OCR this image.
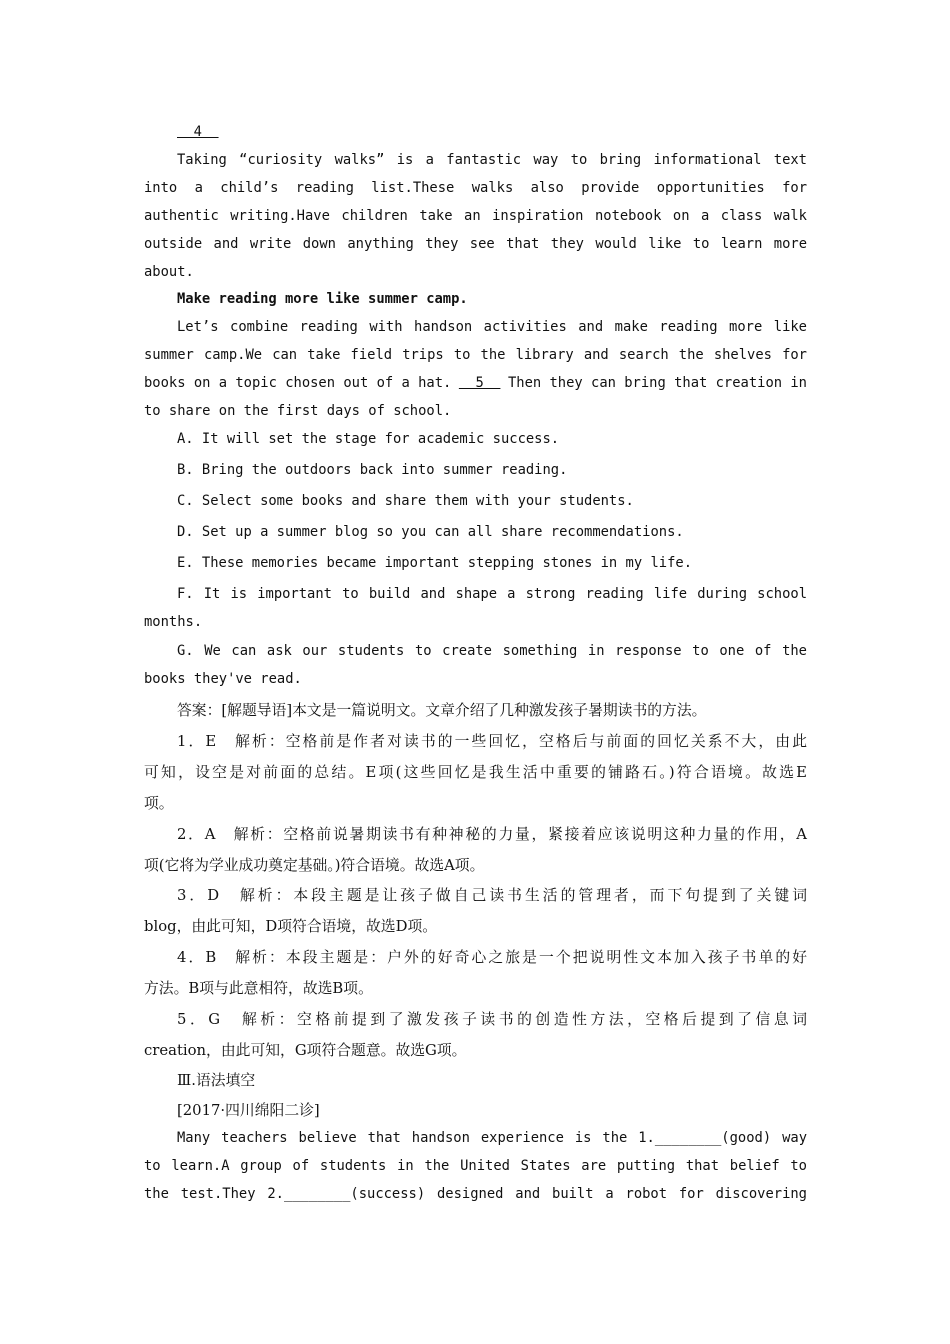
4
Taking “curiosity walks” is a fantastic way to bring informational text
into a child’s reading list.These walks also provide opportunities for
authentic writing.Have children take an inspiration notebook on a class walk
outside and write down anything they see that they would like to learn more
about.
Make reading more like summer camp.
Let’s combine reading with handson activities and make reading more like
summer camp.We can take field trips to the library and search the shelves for
books on a topic chosen out of a hat. 5 Then they can bring that creation in
to share on the first days of school.
A. It will set the stage for academic success.
B. Bring the outdoors back into summer reading.
C. Select some books and share them with your students.
D. Set up a summer blog so you can all share recommendations.
E. These memories became important stepping stones in my life.
F. It is important to build and shape a strong reading life during school
months.
G. We can ask our students to create something in response to one of the
books they've read.
答案：[解题导语]本文是一篇说明文。文章介绍了几种激发孩子暑期读书的方法。
1．E　解析：空格前是作者对读书的一些回忆，空格后与前面的回忆关系不大，由此
可知，设空是对前面的总结。E项(这些回忆是我生活中重要的铺路石。)符合语境。故选E
项。
2．A　解析：空格前说暑期读书有种神秘的力量，紧接着应该说明这种力量的作用，A
项(它将为学业成功奠定基础。)符合语境。故选A项。
3．D　解析：本段主题是让孩子做自己读书生活的管理者，而下句提到了关键词
blog，由此可知，D项符合语境，故选D项。
4．B　解析：本段主题是：户外的好奇心之旅是一个把说明性文本加入孩子书单的好
方法。B项与此意相符，故选B项。
5．G　解析：空格前提到了激发孩子读书的创造性方法，空格后提到了信息词
creation，由此可知，G项符合题意。故选G项。
Ⅲ.语法填空
[2017·四川绵阳二诊]
Many teachers believe that handson experience is the 1.________(good) way
to learn.A group of students in the United States are putting that belief to
the test.They 2.________(success) designed and built a robot for discovering
